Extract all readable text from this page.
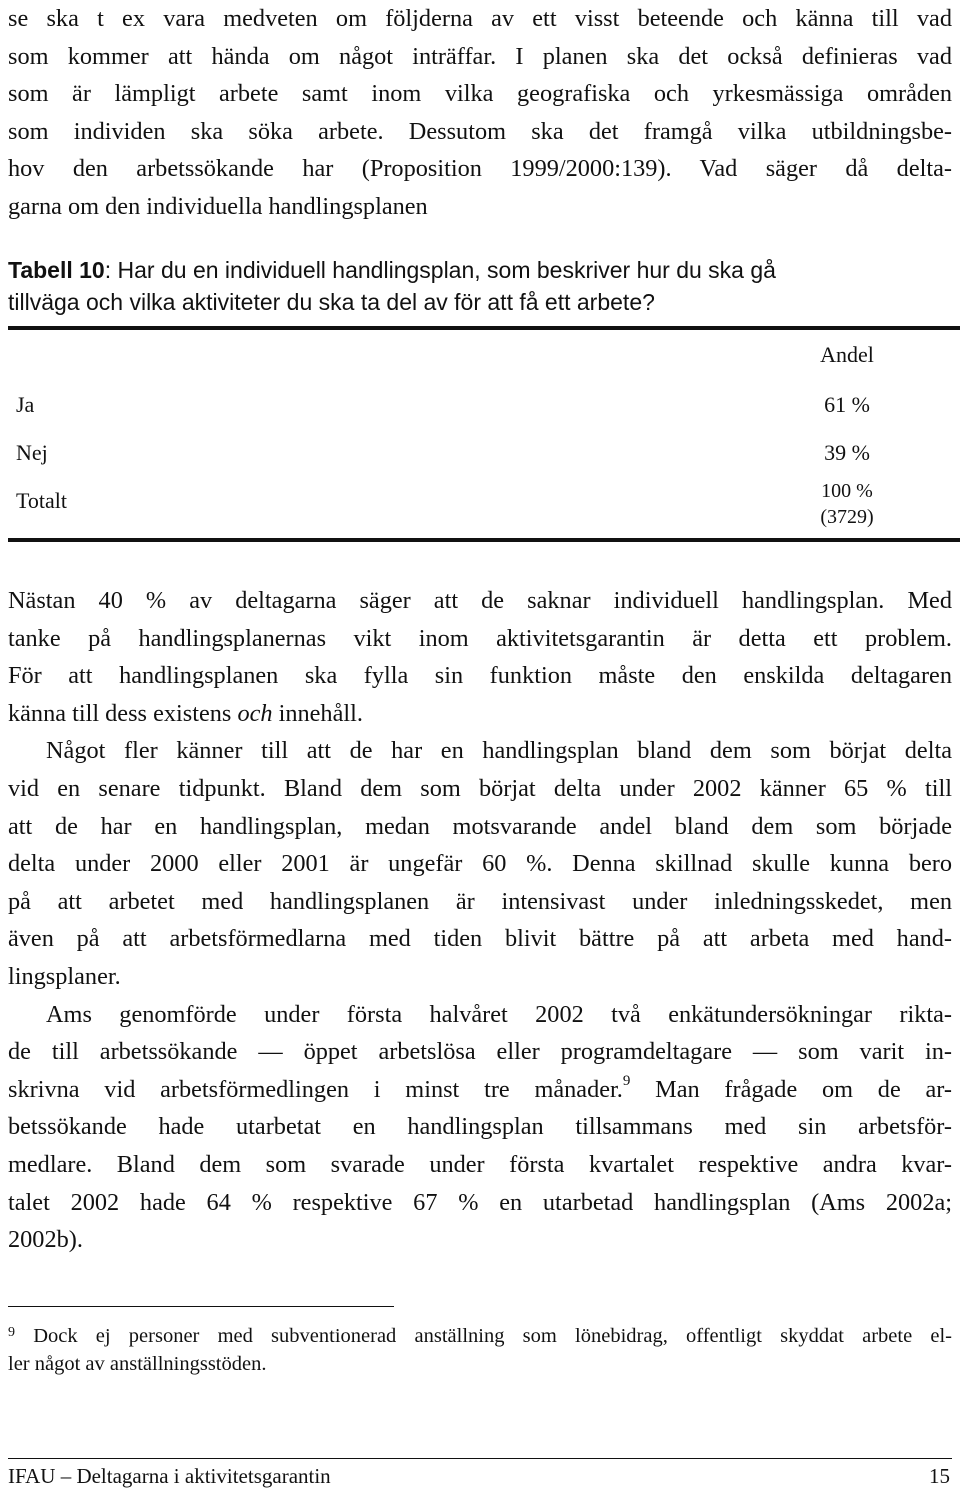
se ska t ex vara medveten om följderna av ett visst beteende och känna till vad
som kommer att hända om något inträffar. I planen ska det också definieras vad
som är lämpligt arbete samt inom vilka geografiska och yrkesmässiga områden
som individen ska söka arbete. Dessutom ska det framgå vilka utbildningsbe-
hov den arbetssökande har (Proposition 1999/2000:139). Vad säger då delta-
garna om den individuella handlingsplanen
Tabell 10: Har du en individuell handlingsplan, som beskriver hur du ska gå
tillväga och vilka aktiviteter du ska ta del av för att få ett arbete?
Andel
Ja	61 %
Nej	39 %
Totalt	100 %
(3729)
Nästan 40 % av deltagarna säger att de saknar individuell handlingsplan. Med
tanke på handlingsplanernas vikt inom aktivitetsgarantin är detta ett problem.
För att handlingsplanen ska fylla sin funktion måste den enskilda deltagaren
känna till dess existens och innehåll.
Något fler känner till att de har en handlingsplan bland dem som börjat delta
vid en senare tidpunkt. Bland dem som börjat delta under 2002 känner 65 % till
att de har en handlingsplan, medan motsvarande andel bland dem som började
delta under 2000 eller 2001 är ungefär 60 %. Denna skillnad skulle kunna bero
på att arbetet med handlingsplanen är intensivast under inledningsskedet, men
även på att arbetsförmedlarna med tiden blivit bättre på att arbeta med hand-
lingsplaner.
Ams genomförde under första halvåret 2002 två enkätundersökningar rikta-
de till arbetssökande — öppet arbetslösa eller programdeltagare — som varit in-
skrivna vid arbetsförmedlingen i minst tre månader.$^9$ Man frågade om de ar-
betssökande hade utarbetat en handlingsplan tillsammans med sin arbetsför-
medlare. Bland dem som svarade under första kvartalet respektive andra kvar-
talet 2002 hade 64 % respektive 67 % en utarbetad handlingsplan (Ams 2002a;
2002b).
$^9$ Dock ej personer med subventionerad anställning som lönebidrag, offentligt skyddat arbete el-
ler något av anställningsstöden.
IFAU – Deltagarna i aktivitetsgarantin	15
